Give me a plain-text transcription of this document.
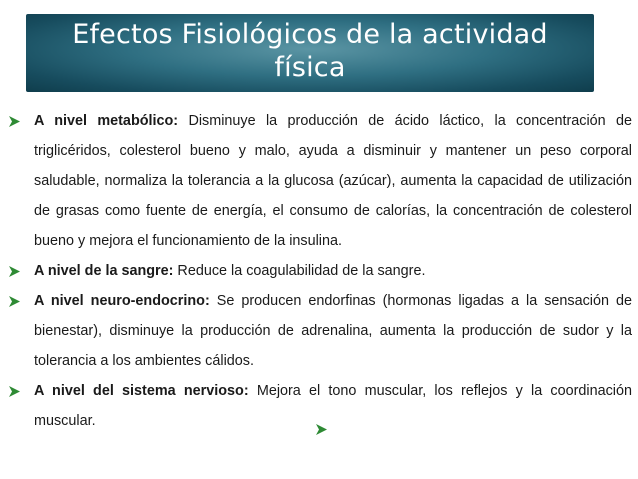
Efectos Fisiológicos de la actividad
física
A nivel metabólico: Disminuye la producción de ácido láctico, la concentración de triglicéridos, colesterol bueno y malo, ayuda a disminuir y mantener un peso corporal saludable, normaliza la tolerancia a la glucosa (azúcar), aumenta la capacidad de utilización de grasas como fuente de energía, el consumo de calorías, la concentración de colesterol bueno y mejora el funcionamiento de la insulina.
A nivel de la sangre: Reduce la coagulabilidad de la sangre.
A nivel neuro-endocrino: Se producen endorfinas (hormonas ligadas a la sensación de bienestar), disminuye la producción de adrenalina, aumenta la producción de sudor y la tolerancia a los ambientes cálidos.
A nivel del sistema nervioso: Mejora el tono muscular, los reflejos y la coordinación muscular.
